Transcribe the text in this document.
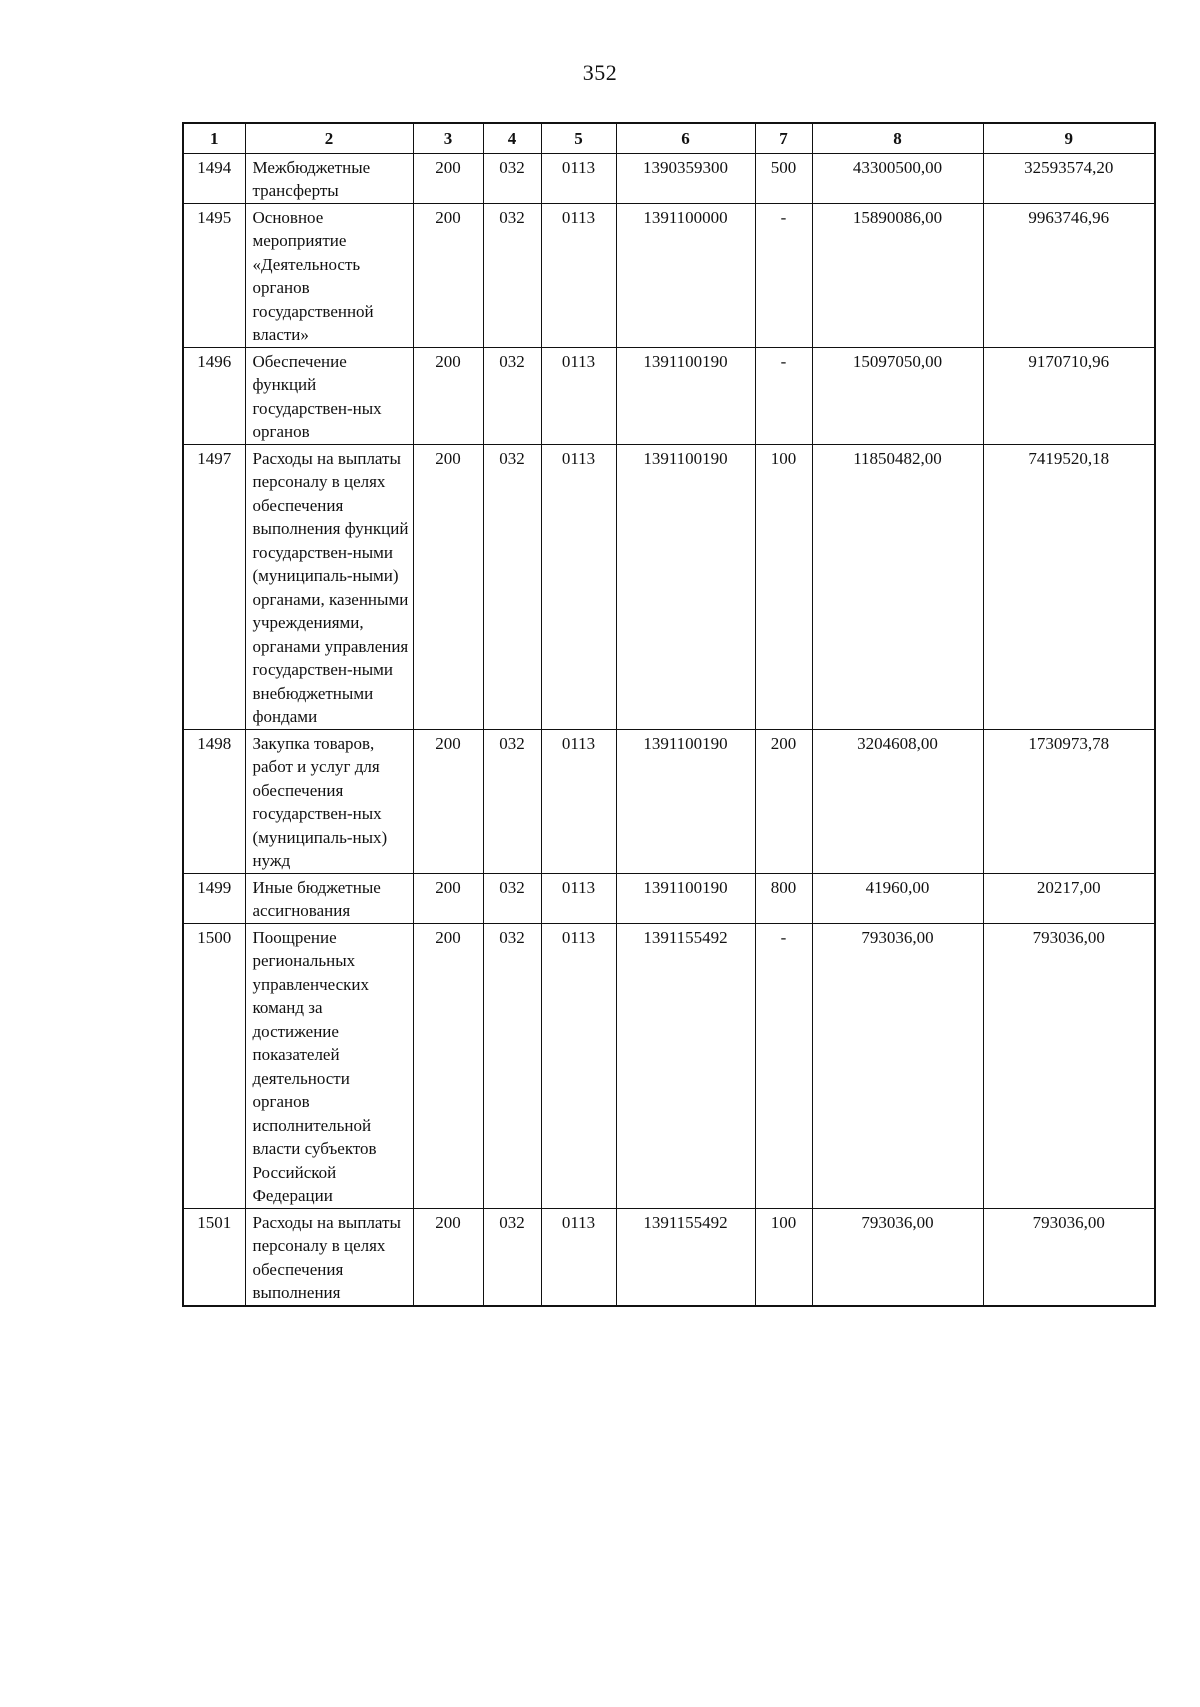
352
1	2	3	4	5	6	7	8	9
1494	Межбюджетные трансферты	200	032	0113	1390359300	500	43300500,00	32593574,20
1495	Основное мероприятие «Деятельность органов государственной власти»	200	032	0113	1391100000	-	15890086,00	9963746,96
1496	Обеспечение функций государствен-ных органов	200	032	0113	1391100190	-	15097050,00	9170710,96
1497	Расходы на выплаты персоналу в целях обеспечения выполнения функций государствен-ными (муниципаль-ными) органами, казенными учреждениями, органами управления государствен-ными внебюджетными фондами	200	032	0113	1391100190	100	11850482,00	7419520,18
1498	Закупка товаров, работ и услуг для обеспечения государствен-ных (муниципаль-ных) нужд	200	032	0113	1391100190	200	3204608,00	1730973,78
1499	Иные бюджетные ассигнования	200	032	0113	1391100190	800	41960,00	20217,00
1500	Поощрение региональных управленческих команд за достижение показателей деятельности органов исполнительной власти субъектов Российской Федерации	200	032	0113	1391155492	-	793036,00	793036,00
1501	Расходы на выплаты персоналу в целях обеспечения выполнения	200	032	0113	1391155492	100	793036,00	793036,00
